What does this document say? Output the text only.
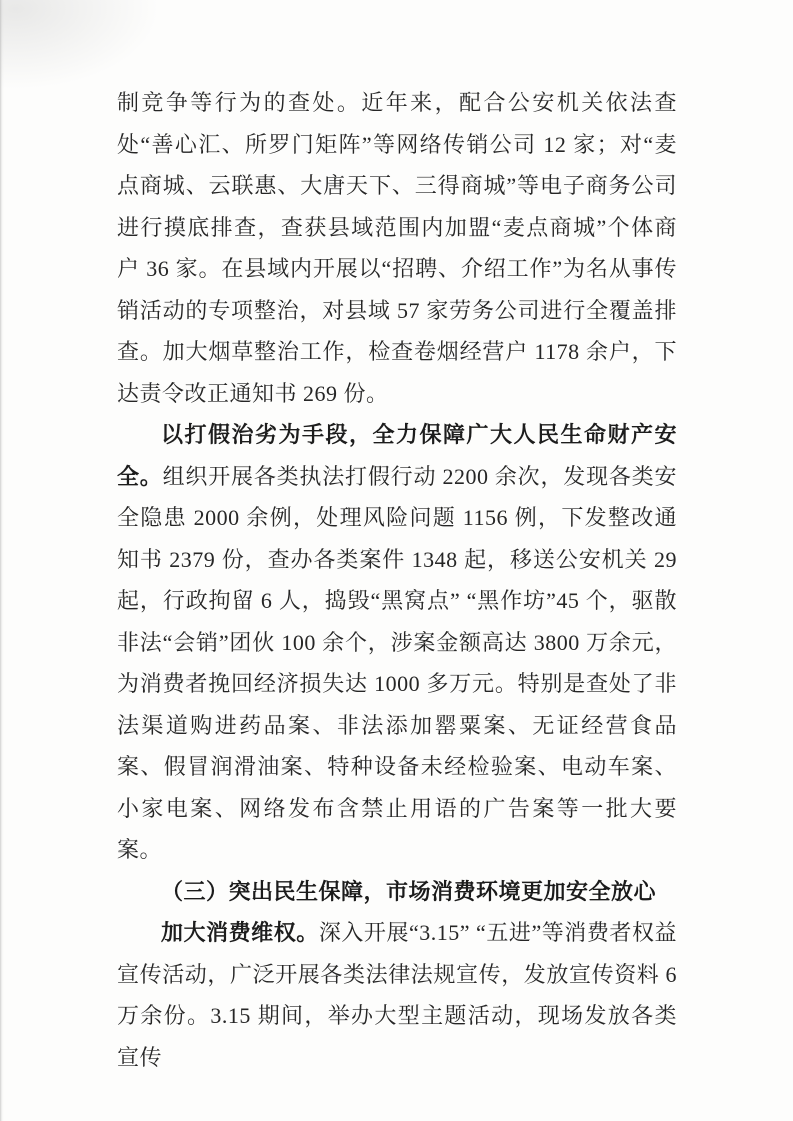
制竞争等行为的查处。近年来，配合公安机关依法查处“善心汇、所罗门矩阵”等网络传销公司 12 家；对“麦点商城、云联惠、大唐天下、三得商城”等电子商务公司进行摸底排查，查获县域范围内加盟“麦点商城”个体商户 36 家。在县域内开展以“招聘、介绍工作”为名从事传销活动的专项整治，对县域 57 家劳务公司进行全覆盖排查。加大烟草整治工作，检查卷烟经营户 1178 余户，下达责令改正通知书 269 份。

以打假治劣为手段，全力保障广大人民生命财产安全。组织开展各类执法打假行动 2200 余次，发现各类安全隐患 2000 余例，处理风险问题 1156 例，下发整改通知书 2379 份，查办各类案件 1348 起，移送公安机关 29 起，行政拘留 6 人，捣毁“黑窝点” “黑作坊”45 个，驱散非法“会销”团伙 100 余个，涉案金额高达 3800 万余元，为消费者挽回经济损失达 1000 多万元。特别是查处了非法渠道购进药品案、非法添加罂粟案、无证经营食品案、假冒润滑油案、特种设备未经检验案、电动车案、小家电案、网络发布含禁止用语的广告案等一批大要案。

（三）突出民生保障，市场消费环境更加安全放心

加大消费维权。深入开展“3.15” “五进”等消费者权益宣传活动，广泛开展各类法律法规宣传，发放宣传资料 6 万余份。3.15 期间，举办大型主题活动，现场发放各类宣传
